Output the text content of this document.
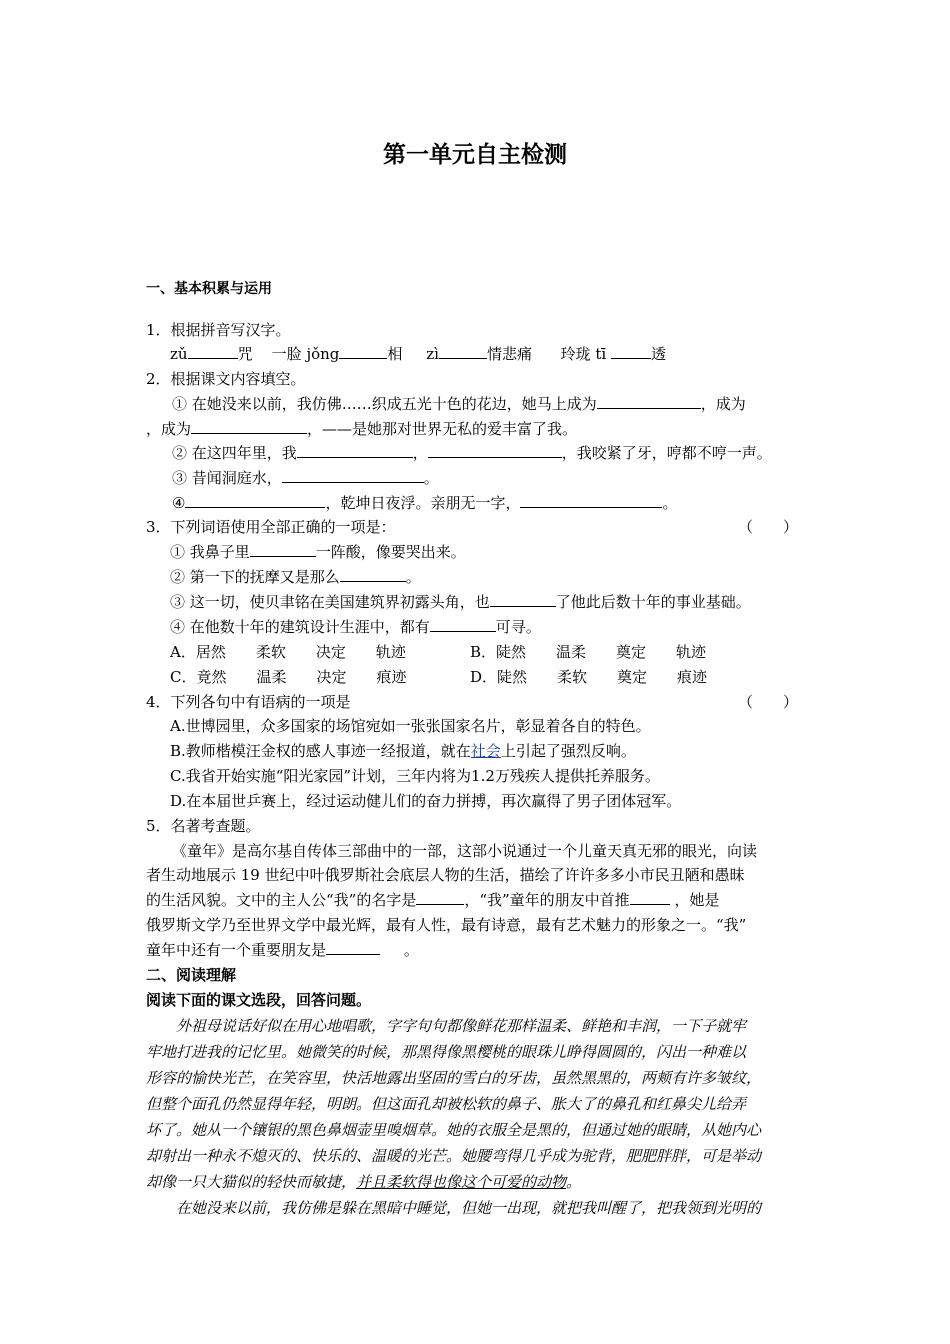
第一单元自主检测
一、基本积累与运用
1．根据拼音写汉字。
zǔ	咒 一脸 jǒng	相 zì	情悲痛 玲珑 tī	透
2．根据课文内容填空。
① 在她没来以前，我仿佛……织成五光十色的花边，她马上成为	，成为
，成为	，——是她那对世界无私的爱丰富了我。
② 在这四年里，我	，	，我咬紧了牙，哼都不哼一声。
③ 昔闻洞庭水，	。
④	，乾坤日夜浮。亲朋无一字，	。
3．下列词语使用全部正确的一项是：	（　　）
① 我鼻子里	一阵酸，像要哭出来。
② 第一下的抚摩又是那么	。
③ 这一切，使贝聿铭在美国建筑界初露头角，也	了他此后数十年的事业基础。
④ 在他数十年的建筑设计生涯中，都有	可寻。
A．居然　　柔软　　决定　　轨迹	B．陡然　　温柔　　奠定　　轨迹
C．竟然　　温柔　　决定　　痕迹	D．陡然　　柔软　　奠定　　痕迹
4．下列各句中有语病的一项是	（　　）
A.世博园里，众多国家的场馆宛如一张张国家名片，彰显着各自的特色。
B.教师楷模汪金权的感人事迹一经报道，就在社会上引起了强烈反响。
C.我省开始实施“阳光家园”计划，三年内将为1.2万残疾人提供托养服务。
D.在本届世乒赛上，经过运动健儿们的奋力拼搏，再次赢得了男子团体冠军。
5．名著考查题。
《童年》是高尔基自传体三部曲中的一部，这部小说通过一个儿童天真无邪的眼光，向读
者生动地展示 19 世纪中叶俄罗斯社会底层人物的生活，描绘了许许多多小市民丑陋和愚昧
的生活风貌。文中的主人公“我”的名字是	，“我”童年的朋友中首推	，她是
俄罗斯文学乃至世界文学中最光辉，最有人性，最有诗意，最有艺术魅力的形象之一。“我”
童年中还有一个重要朋友是	。
二、阅读理解
阅读下面的课文选段，回答问题。
外祖母说话好似在用心地唱歌，字字句句都像鲜花那样温柔、鲜艳和丰润，一下子就牢
牢地打进我的记忆里。她微笑的时候，那黑得像黑樱桃的眼珠儿睁得圆圆的，闪出一种难以
形容的愉快光芒，在笑容里，快活地露出坚固的雪白的牙齿，虽然黑黑的，两颊有许多皱纹，
但整个面孔仍然显得年轻，明朗。但这面孔却被松软的鼻子、胀大了的鼻孔和红鼻尖儿给弄
坏了。她从一个镶银的黑色鼻烟壶里嗅烟草。她的衣服全是黑的，但通过她的眼睛，从她内心
却射出一种永不熄灭的、快乐的、温暖的光芒。她腰弯得几乎成为驼背，肥肥胖胖，可是举动
却像一只大猫似的轻快而敏捷，并且柔软得也像这个可爱的动物。
在她没来以前，我仿佛是躲在黑暗中睡觉，但她一出现，就把我叫醒了，把我领到光明的
